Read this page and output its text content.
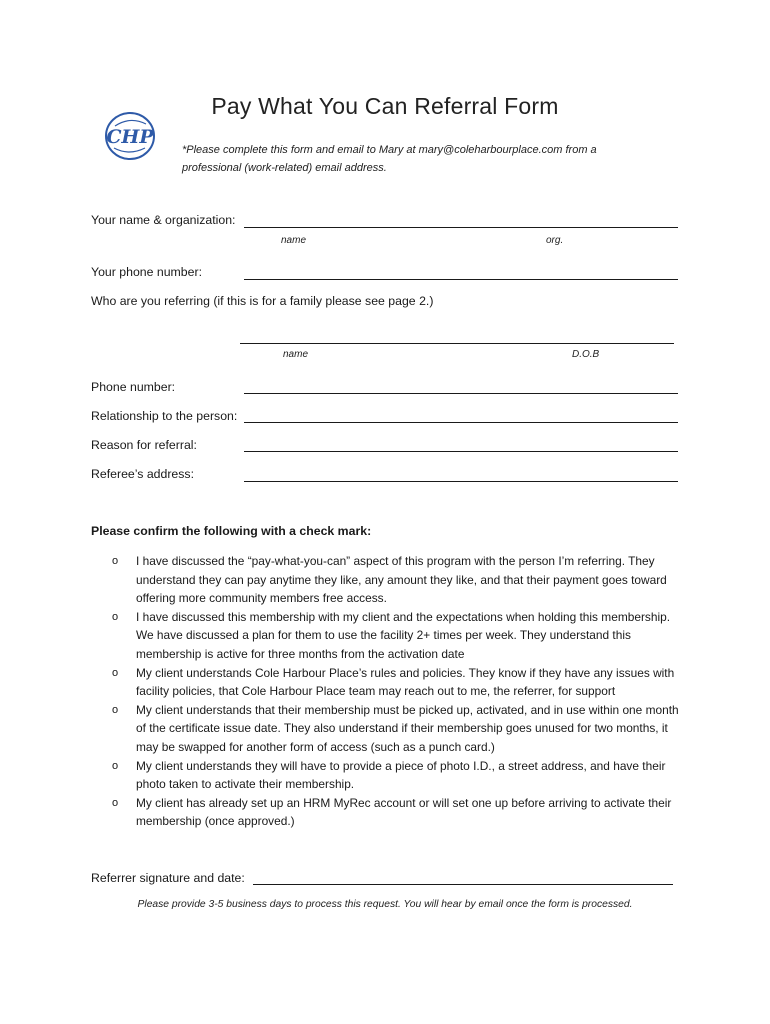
CHP
Pay What You Can Referral Form
*Please complete this form and email to Mary at mary@coleharbourplace.com from a professional (work-related) email address.
Your name & organization:
name	org.
Your phone number:
Who are you referring (if this is for a family please see page 2.)
name	D.O.B
Phone number:
Relationship to the person:
Reason for referral:
Referee’s address:
Please confirm the following with a check mark:
o I have discussed the “pay-what-you-can” aspect of this program with the person I’m referring. They understand they can pay anytime they like, any amount they like, and that their payment goes toward offering more community members free access.
o I have discussed this membership with my client and the expectations when holding this membership. We have discussed a plan for them to use the facility 2+ times per week. They understand this membership is active for three months from the activation date
o My client understands Cole Harbour Place’s rules and policies. They know if they have any issues with facility policies, that Cole Harbour Place team may reach out to me, the referrer, for support
o My client understands that their membership must be picked up, activated, and in use within one month of the certificate issue date. They also understand if their membership goes unused for two months, it may be swapped for another form of access (such as a punch card.)
o My client understands they will have to provide a piece of photo I.D., a street address, and have their photo taken to activate their membership.
o My client has already set up an HRM MyRec account or will set one up before arriving to activate their membership (once approved.)
Referrer signature and date:
Please provide 3-5 business days to process this request. You will hear by email once the form is processed.
